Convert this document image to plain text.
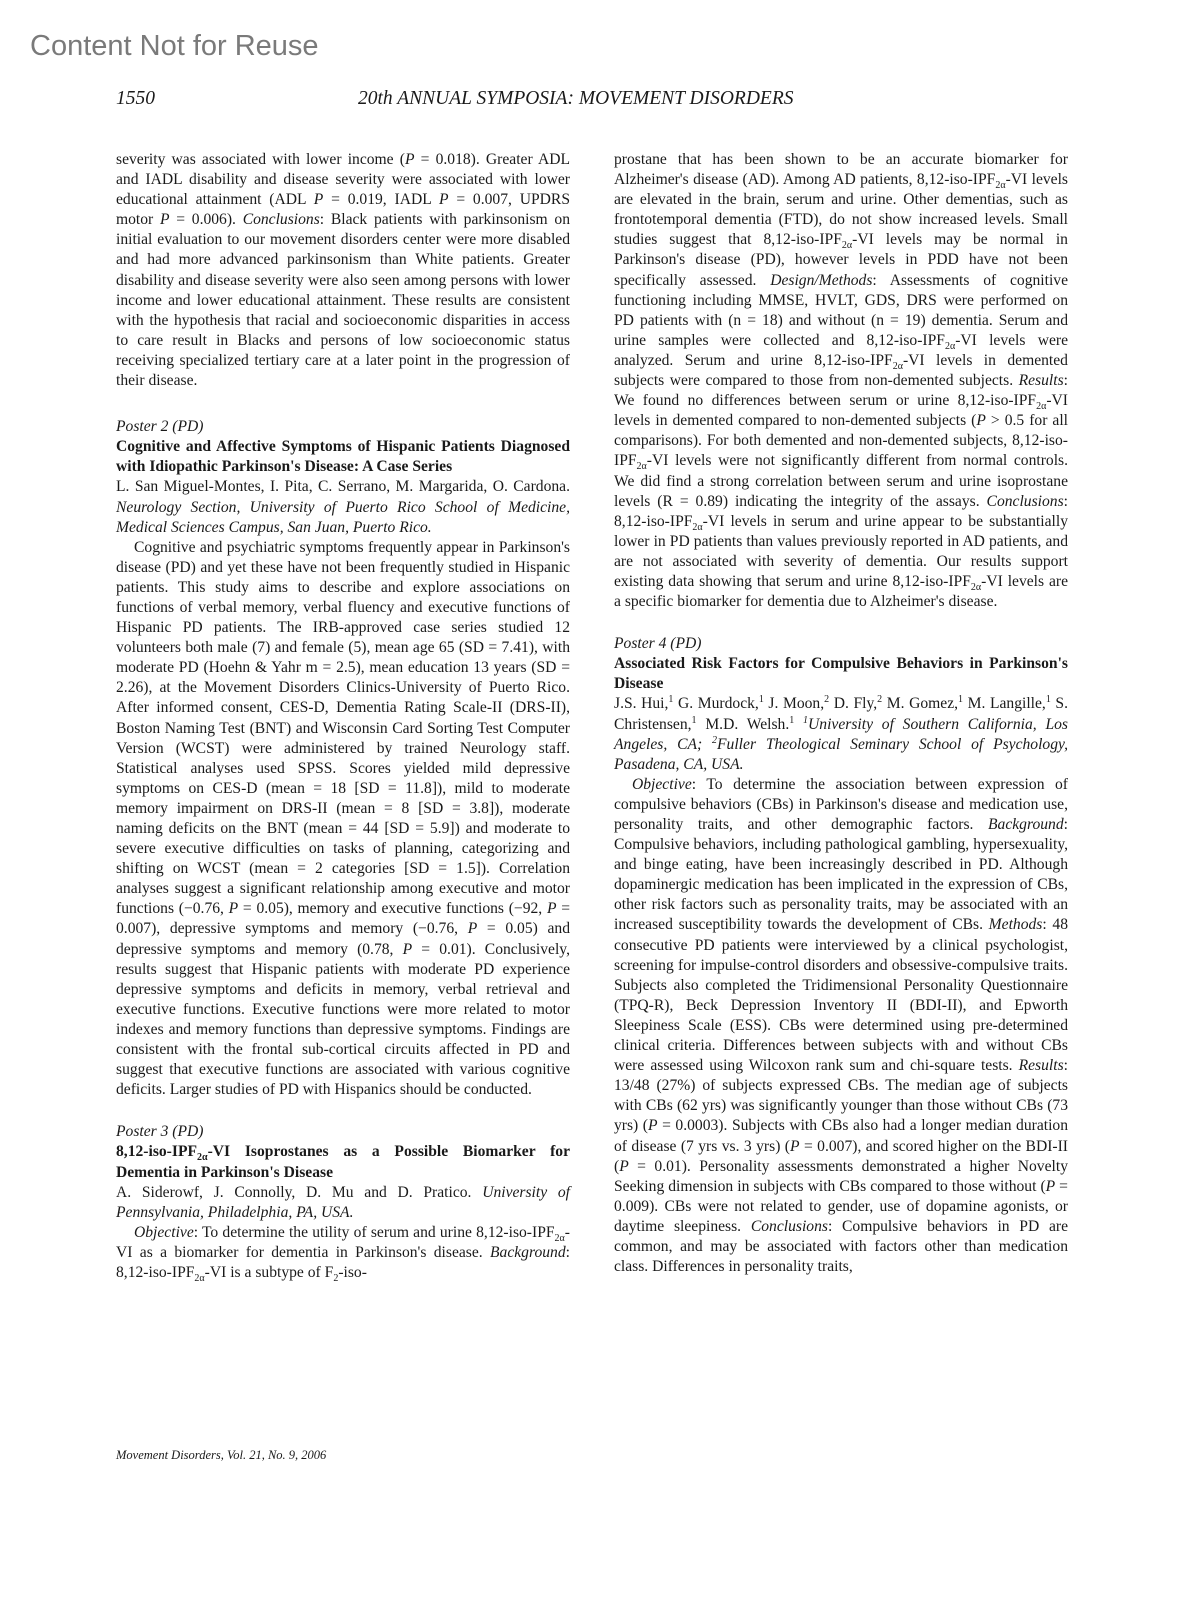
Content Not for Reuse
1550	20th ANNUAL SYMPOSIA: MOVEMENT DISORDERS

severity was associated with lower income (P = 0.018). Greater ADL and IADL disability and disease severity were associated with lower educational attainment (ADL P = 0.019, IADL P = 0.007, UPDRS motor P = 0.006). Conclusions: Black patients with parkinsonism on initial evaluation to our movement disorders center were more disabled and had more advanced parkinsonism than White patients. Greater disability and disease severity were also seen among persons with lower income and lower educational attainment. These results are consistent with the hypothesis that racial and socioeconomic disparities in access to care result in Blacks and persons of low socioeconomic status receiving specialized tertiary care at a later point in the progression of their disease.

Poster 2 (PD)

Cognitive and Affective Symptoms of Hispanic Patients Diagnosed with Idiopathic Parkinson's Disease: A Case Series

L. San Miguel-Montes, I. Pita, C. Serrano, M. Margarida, O. Cardona. Neurology Section, University of Puerto Rico School of Medicine, Medical Sciences Campus, San Juan, Puerto Rico.

Cognitive and psychiatric symptoms frequently appear in Parkinson's disease (PD) and yet these have not been frequently studied in Hispanic patients. This study aims to describe and explore associations on functions of verbal memory, verbal fluency and executive functions of Hispanic PD patients. The IRB-approved case series studied 12 volunteers both male (7) and female (5), mean age 65 (SD = 7.41), with moderate PD (Hoehn & Yahr m = 2.5), mean education 13 years (SD = 2.26), at the Movement Disorders Clinics-University of Puerto Rico. After informed consent, CES-D, Dementia Rating Scale-II (DRS-II), Boston Naming Test (BNT) and Wisconsin Card Sorting Test Computer Version (WCST) were administered by trained Neurology staff. Statistical analyses used SPSS. Scores yielded mild depressive symptoms on CES-D (mean = 18 [SD = 11.8]), mild to moderate memory impairment on DRS-II (mean = 8 [SD = 3.8]), moderate naming deficits on the BNT (mean = 44 [SD = 5.9]) and moderate to severe executive difficulties on tasks of planning, categorizing and shifting on WCST (mean = 2 categories [SD = 1.5]). Correlation analyses suggest a significant relationship among executive and motor functions (−0.76, P = 0.05), memory and executive functions (−92, P = 0.007), depressive symptoms and memory (−0.76, P = 0.05) and depressive symptoms and memory (0.78, P = 0.01). Conclusively, results suggest that Hispanic patients with moderate PD experience depressive symptoms and deficits in memory, verbal retrieval and executive functions. Executive functions were more related to motor indexes and memory functions than depressive symptoms. Findings are consistent with the frontal sub-cortical circuits affected in PD and suggest that executive functions are associated with various cognitive deficits. Larger studies of PD with Hispanics should be conducted.

Poster 3 (PD)

$8,12-iso-IPF_{2\alpha}-VI$ Isoprostanes as a Possible Biomarker for Dementia in Parkinson's Disease

A. Siderowf, J. Connolly, D. Mu and D. Pratico. University of Pennsylvania, Philadelphia, PA, USA.

Objective: To determine the utility of serum and urine $8,12-iso-IPF_{2\alpha}-VI$ as a biomarker for dementia in Parkinson's disease. Background: $8,12-iso-IPF_{2\alpha}-VI$ is a subtype of $F_2-iso-$

prostane that has been shown to be an accurate biomarker for Alzheimer's disease (AD). Among AD patients, $8,12-iso-IPF_{2\alpha}-VI$ levels are elevated in the brain, serum and urine. Other dementias, such as frontotemporal dementia (FTD), do not show increased levels. Small studies suggest that $8,12-iso-IPF_{2\alpha}-VI$ levels may be normal in Parkinson's disease (PD), however levels in PDD have not been specifically assessed. Design/Methods: Assessments of cognitive functioning including MMSE, HVLT, GDS, DRS were performed on PD patients with (n = 18) and without (n = 19) dementia. Serum and urine samples were collected and $8,12-iso-IPF_{2\alpha}-VI$ levels were analyzed. Serum and urine $8,12-iso-IPF_{2\alpha}-VI$ levels in demented subjects were compared to those from non-demented subjects. Results: We found no differences between serum or urine $8,12-iso-IPF_{2\alpha}-VI$ levels in demented compared to non-demented subjects (P > 0.5 for all comparisons). For both demented and non-demented subjects, $8,12-iso-IPF_{2\alpha}-VI$ levels were not significantly different from normal controls. We did find a strong correlation between serum and urine isoprostane levels (R = 0.89) indicating the integrity of the assays. Conclusions: $8,12-iso-IPF_{2\alpha}-VI$ levels in serum and urine appear to be substantially lower in PD patients than values previously reported in AD patients, and are not associated with severity of dementia. Our results support existing data showing that serum and urine $8,12-iso-IPF_{2\alpha}-VI$ levels are a specific biomarker for dementia due to Alzheimer's disease.

Poster 4 (PD)

Associated Risk Factors for Compulsive Behaviors in Parkinson's Disease

J.S. Hui,$^1$ G. Murdock,$^1$ J. Moon,$^2$ D. Fly,$^2$ M. Gomez,$^1$ M. Langille,$^1$ S. Christensen,$^1$ M.D. Welsh.$^1$ $^1$University of Southern California, Los Angeles, CA; $^2$Fuller Theological Seminary School of Psychology, Pasadena, CA, USA.

Objective: To determine the association between expression of compulsive behaviors (CBs) in Parkinson's disease and medication use, personality traits, and other demographic factors. Background: Compulsive behaviors, including pathological gambling, hypersexuality, and binge eating, have been increasingly described in PD. Although dopaminergic medication has been implicated in the expression of CBs, other risk factors such as personality traits, may be associated with an increased susceptibility towards the development of CBs. Methods: 48 consecutive PD patients were interviewed by a clinical psychologist, screening for impulse-control disorders and obsessive-compulsive traits. Subjects also completed the Tridimensional Personality Questionnaire (TPQ-R), Beck Depression Inventory II (BDI-II), and Epworth Sleepiness Scale (ESS). CBs were determined using pre-determined clinical criteria. Differences between subjects with and without CBs were assessed using Wilcoxon rank sum and chi-square tests. Results: 13/48 (27%) of subjects expressed CBs. The median age of subjects with CBs (62 yrs) was significantly younger than those without CBs (73 yrs) (P = 0.0003). Subjects with CBs also had a longer median duration of disease (7 yrs vs. 3 yrs) (P = 0.007), and scored higher on the BDI-II (P = 0.01). Personality assessments demonstrated a higher Novelty Seeking dimension in subjects with CBs compared to those without (P = 0.009). CBs were not related to gender, use of dopamine agonists, or daytime sleepiness. Conclusions: Compulsive behaviors in PD are common, and may be associated with factors other than medication class. Differences in personality traits,

Movement Disorders, Vol. 21, No. 9, 2006
